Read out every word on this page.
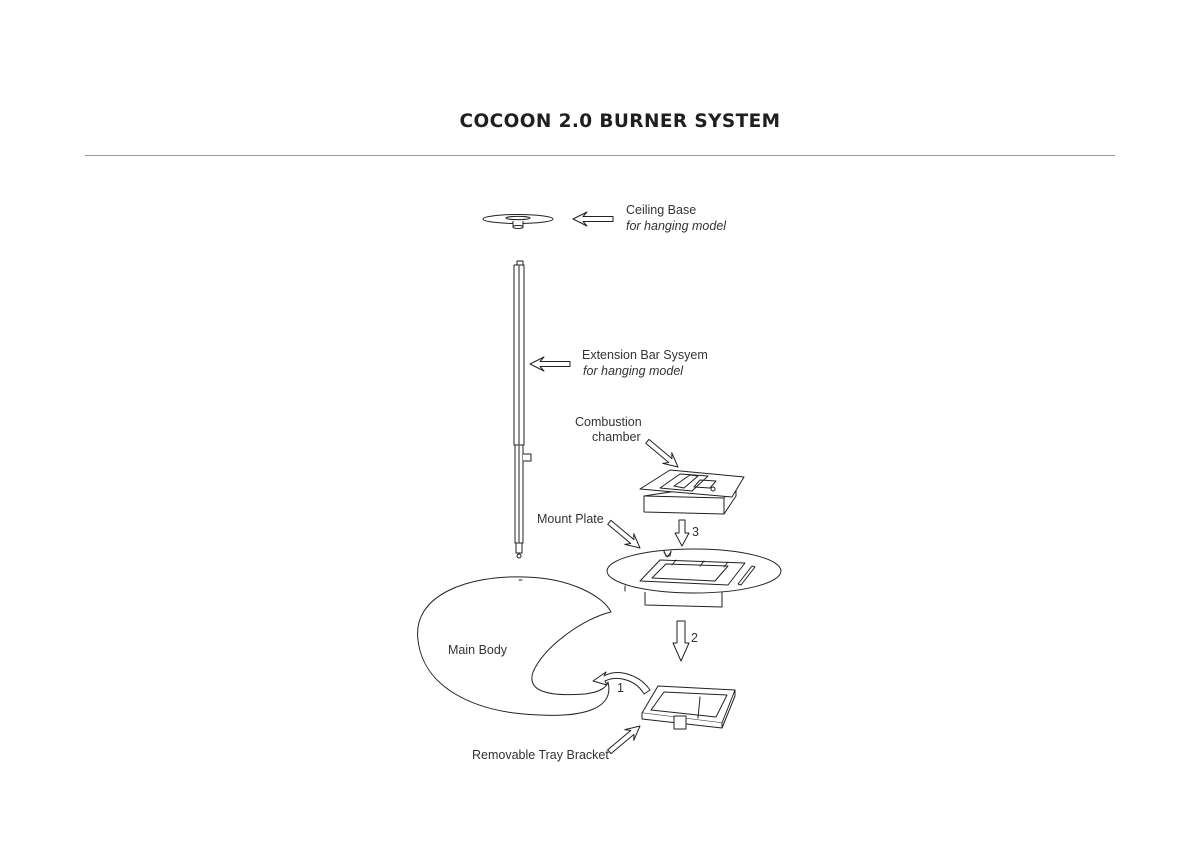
COCOON 2.0 BURNER SYSTEM
Ceiling Base
for hanging model
Extension Bar Sysyem
for hanging model
Combustion
chamber
Mount Plate
Main Body
Removable Tray Bracket
3
2
1
